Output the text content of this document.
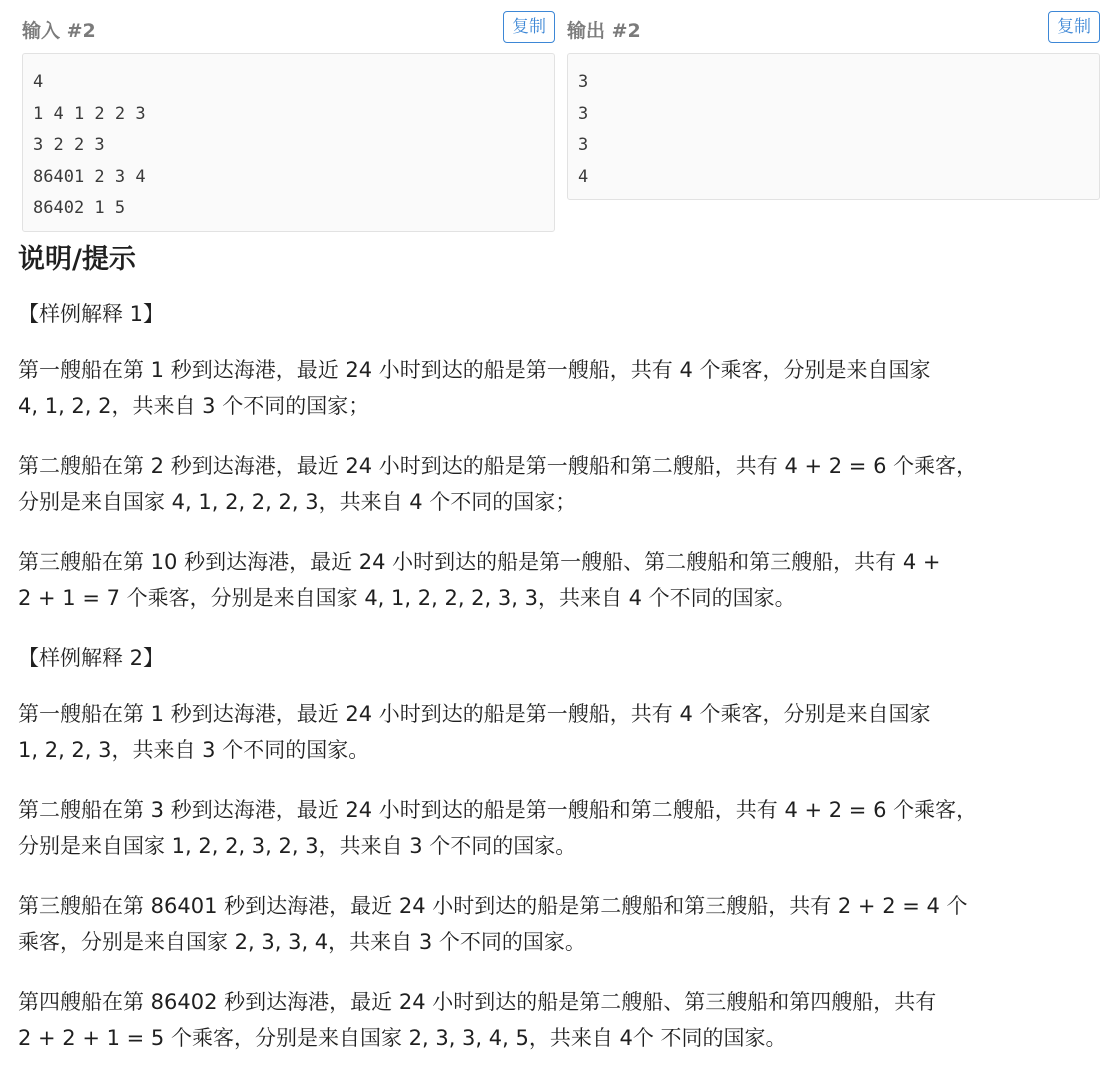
输入 #2	复制
4
1 4 1 2 2 3
3 2 2 3
86401 2 3 4
86402 1 5
输出 #2	复制
3
3
3
4
说明/提示

【样例解释 1】

第一艘船在第 1 秒到达海港，最近 24 小时到达的船是第一艘船，共有 4 个乘客，分别是来自国家
4, 1, 2, 2，共来自 3 个不同的国家；

第二艘船在第 2 秒到达海港，最近 24 小时到达的船是第一艘船和第二艘船，共有 4 + 2 = 6 个乘客，
分别是来自国家 4, 1, 2, 2, 2, 3，共来自 4 个不同的国家；

第三艘船在第 10 秒到达海港，最近 24 小时到达的船是第一艘船、第二艘船和第三艘船，共有 4 +
2 + 1 = 7 个乘客，分别是来自国家 4, 1, 2, 2, 2, 3, 3，共来自 4 个不同的国家。

【样例解释 2】

第一艘船在第 1 秒到达海港，最近 24 小时到达的船是第一艘船，共有 4 个乘客，分别是来自国家
1, 2, 2, 3，共来自 3 个不同的国家。

第二艘船在第 3 秒到达海港，最近 24 小时到达的船是第一艘船和第二艘船，共有 4 + 2 = 6 个乘客，
分别是来自国家 1, 2, 2, 3, 2, 3，共来自 3 个不同的国家。

第三艘船在第 86401 秒到达海港，最近 24 小时到达的船是第二艘船和第三艘船，共有 2 + 2 = 4 个
乘客，分别是来自国家 2, 3, 3, 4，共来自 3 个不同的国家。

第四艘船在第 86402 秒到达海港，最近 24 小时到达的船是第二艘船、第三艘船和第四艘船，共有
2 + 2 + 1 = 5 个乘客，分别是来自国家 2, 3, 3, 4, 5，共来自 4个 不同的国家。
